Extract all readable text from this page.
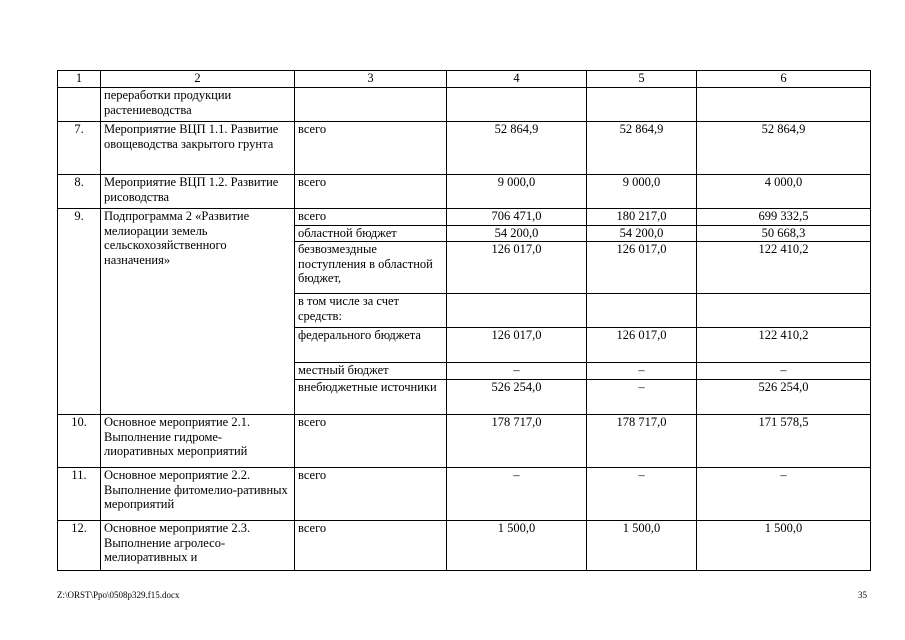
1	2	3	4	5	6
	переработки продукции растениеводства				
7.	Мероприятие ВЦП 1.1. Развитие овощеводства закрытого грунта	всего	52 864,9	52 864,9	52 864,9
8.	Мероприятие ВЦП 1.2. Развитие рисоводства	всего	9 000,0	9 000,0	4 000,0
9.	Подпрограмма 2 «Развитие мелиорации земель сельскохозяйственного назначения»	всего	706 471,0	180 217,0	699 332,5
		областной бюджет	54 200,0	54 200,0	50 668,3
		безвозмездные поступления в областной бюджет,	126 017,0	126 017,0	122 410,2
		в том числе за счет средств:			
		федерального бюджета	126 017,0	126 017,0	122 410,2
		местный бюджет	–	–	–
		внебюджетные источники	526 254,0	–	526 254,0
10.	Основное мероприятие 2.1. Выполнение гидроме-лиоративных мероприятий	всего	178 717,0	178 717,0	171 578,5
11.	Основное мероприятие 2.2. Выполнение фитомелио-ративных мероприятий	всего	–	–	–
12.	Основное мероприятие 2.3. Выполнение агролесо-мелиоративных и	всего	1 500,0	1 500,0	1 500,0
Z:\ORST\Ppo\0508p329.f15.docx	35
